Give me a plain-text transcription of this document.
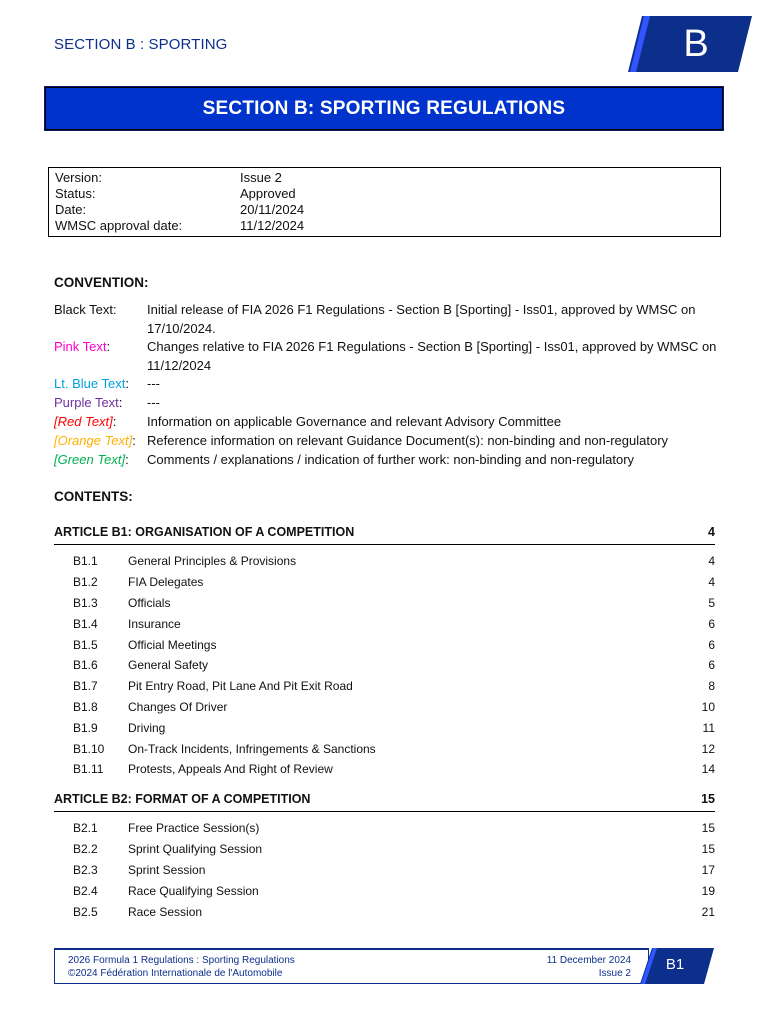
SECTION B : SPORTING	B
SECTION B: SPORTING REGULATIONS
Version:	Issue 2
Status:	Approved
Date:	20/11/2024
WMSC approval date:	11/12/2024
CONVENTION:
Black Text:	Initial release of FIA 2026 F1 Regulations - Section B [Sporting] - Iss01, approved by WMSC on 17/10/2024.
Pink Text:	Changes relative to FIA 2026 F1 Regulations - Section B [Sporting] - Iss01, approved by WMSC on 11/12/2024
Lt. Blue Text:	---
Purple Text:	---
[Red Text]:	Information on applicable Governance and relevant Advisory Committee
[Orange Text]: Reference information on relevant Guidance Document(s): non-binding and non-regulatory
[Green Text]:	Comments / explanations / indication of further work: non-binding and non-regulatory
CONTENTS:
ARTICLE B1: ORGANISATION OF A COMPETITION	4
B1.1	General Principles & Provisions	4
B1.2	FIA Delegates	4
B1.3	Officials	5
B1.4	Insurance	6
B1.5	Official Meetings	6
B1.6	General Safety	6
B1.7	Pit Entry Road, Pit Lane And Pit Exit Road	8
B1.8	Changes Of Driver	10
B1.9	Driving	11
B1.10	On-Track Incidents, Infringements & Sanctions	12
B1.11	Protests, Appeals And Right of Review	14
ARTICLE B2: FORMAT OF A COMPETITION	15
B2.1	Free Practice Session(s)	15
B2.2	Sprint Qualifying Session	15
B2.3	Sprint Session	17
B2.4	Race Qualifying Session	19
B2.5	Race Session	21
2026 Formula 1 Regulations : Sporting Regulations
©2024 Fédération Internationale de l'Automobile
11 December 2024
Issue 2
B1
